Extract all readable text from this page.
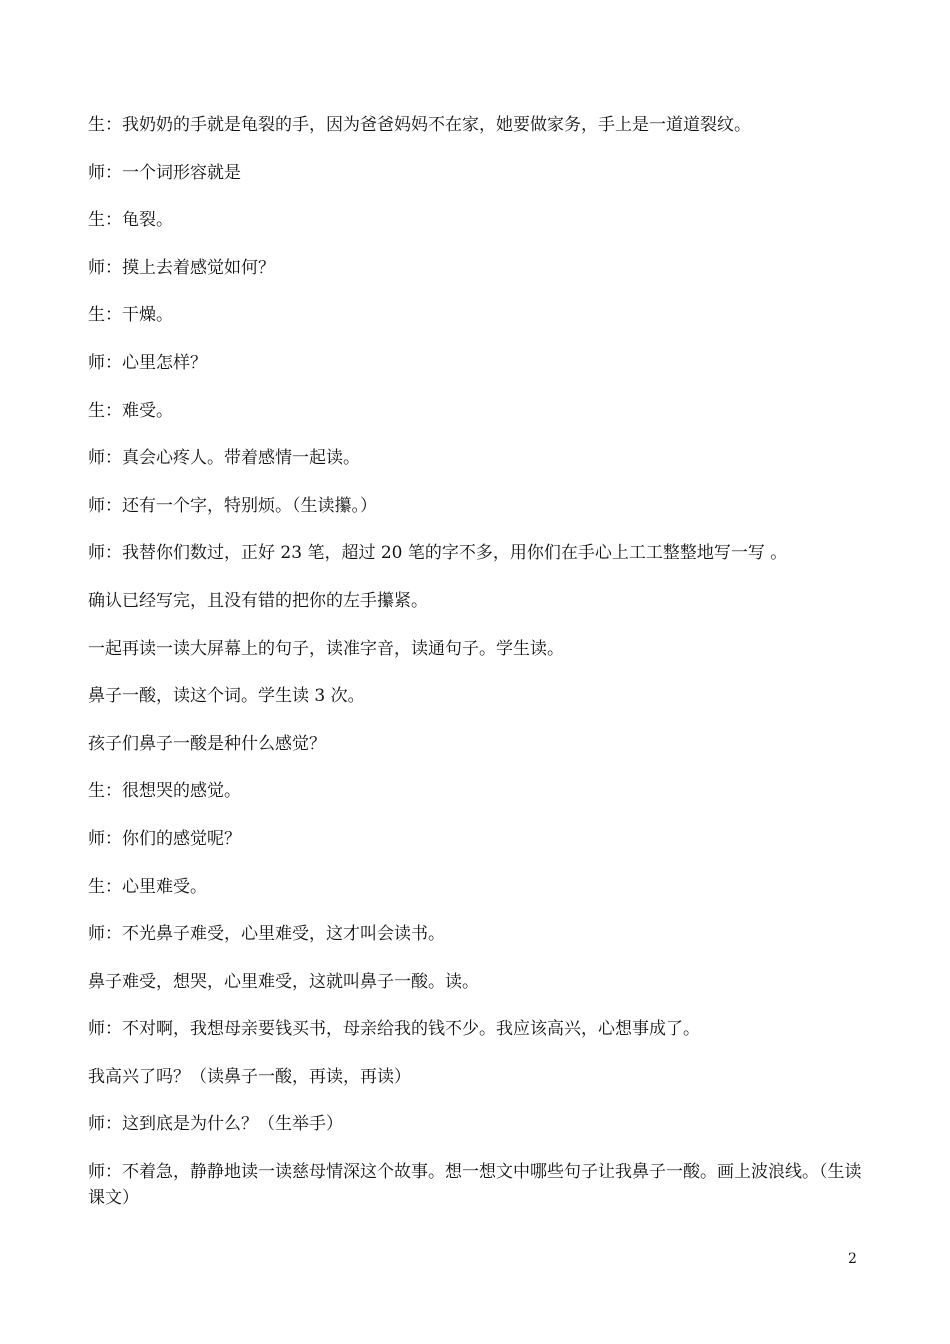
生：我奶奶的手就是龟裂的手，因为爸爸妈妈不在家，她要做家务，手上是一道道裂纹。

师：一个词形容就是

生：龟裂。

师：摸上去着感觉如何？

生：干燥。

师：心里怎样？

生：难受。

师：真会心疼人。带着感情一起读。

师：还有一个字，特别烦。（生读攥。）

师：我替你们数过，正好 23 笔，超过 20 笔的字不多，用你们在手心上工工整整地写一写 。

确认已经写完，且没有错的把你的左手攥紧。

一起再读一读大屏幕上的句子，读准字音，读通句子。学生读。

鼻子一酸，读这个词。学生读 3 次。

孩子们鼻子一酸是种什么感觉？

生：很想哭的感觉。

师：你们的感觉呢？

生：心里难受。

师：不光鼻子难受，心里难受，这才叫会读书。

鼻子难受，想哭，心里难受，这就叫鼻子一酸。读。

师：不对啊，我想母亲要钱买书，母亲给我的钱不少。我应该高兴，心想事成了。

我高兴了吗？（读鼻子一酸，再读，再读）

师：这到底是为什么？（生举手）

师：不着急，静静地读一读慈母情深这个故事。想一想文中哪些句子让我鼻子一酸。画上波浪线。（生读课文）

2
